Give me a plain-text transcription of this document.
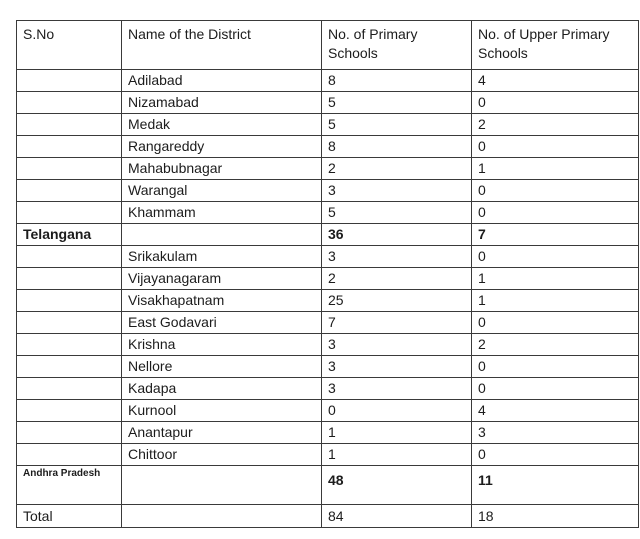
S.No	Name of the District	No. of Primary Schools	No. of Upper Primary Schools
	Adilabad	8	4
	Nizamabad	5	0
	Medak	5	2
	Rangareddy	8	0
	Mahabubnagar	2	1
	Warangal	3	0
	Khammam	5	0
Telangana		36	7
	Srikakulam	3	0
	Vijayanagaram	2	1
	Visakhapatnam	25	1
	East Godavari	7	0
	Krishna	3	2
	Nellore	3	0
	Kadapa	3	0
	Kurnool	0	4
	Anantapur	1	3
	Chittoor	1	0
Andhra Pradesh		48	11
Total		84	18
